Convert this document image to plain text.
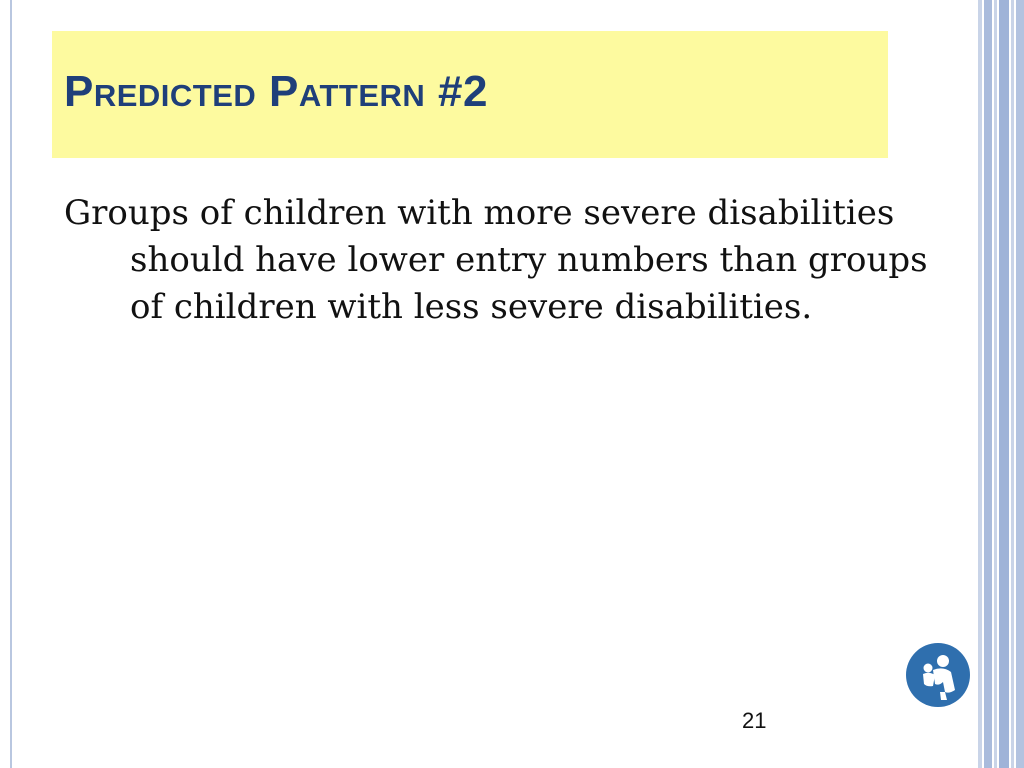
Predicted Pattern #2

Groups of children with more severe disabilities should have lower entry numbers than groups of children with less severe disabilities.

21
